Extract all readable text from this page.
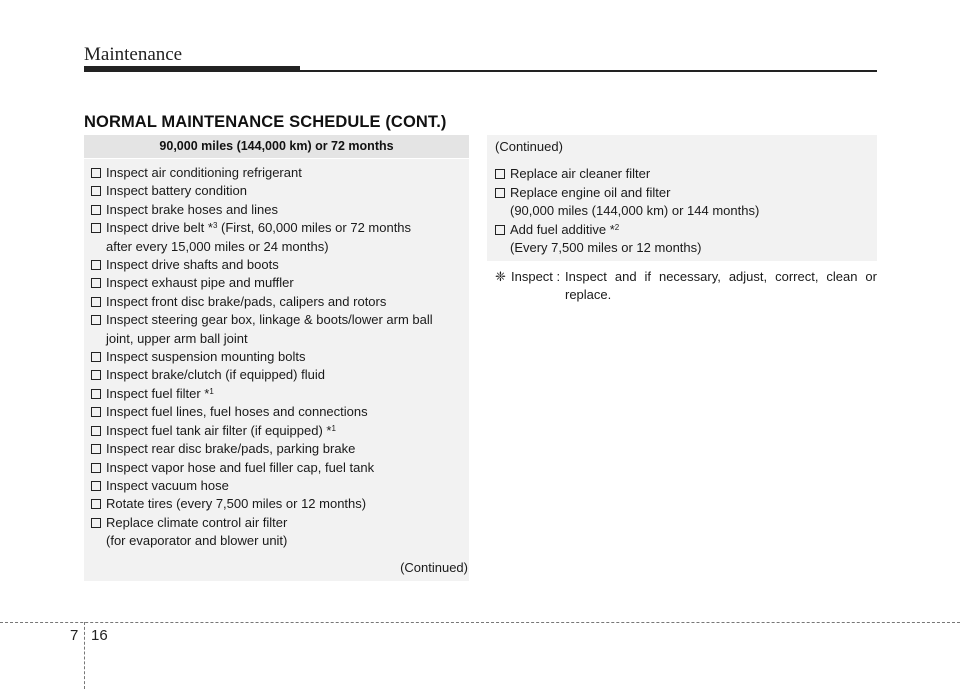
Maintenance
NORMAL MAINTENANCE SCHEDULE (CONT.)
90,000 miles (144,000 km) or 72 months
Inspect air conditioning refrigerant
Inspect battery condition
Inspect brake hoses and lines
Inspect drive belt *$^3$ (First, 60,000 miles or 72 months
after every 15,000 miles or 24 months)
Inspect drive shafts and boots
Inspect exhaust pipe and muffler
Inspect front disc brake/pads, calipers and rotors
Inspect steering gear box, linkage & boots/lower arm ball
joint, upper arm ball joint
Inspect suspension mounting bolts
Inspect brake/clutch (if equipped) fluid
Inspect fuel filter *$^1$
Inspect fuel lines, fuel hoses and connections
Inspect fuel tank air filter (if equipped) *$^1$
Inspect rear disc brake/pads, parking brake
Inspect vapor hose and fuel filler cap, fuel tank
Inspect vacuum hose
Rotate tires (every 7,500 miles or 12 months)
Replace climate control air filter
(for evaporator and blower unit)
(Continued)
(Continued)
Replace air cleaner filter
Replace engine oil and filter
(90,000 miles (144,000 km) or 144 months)
Add fuel additive *$^2$
(Every 7,500 miles or 12 months)
❈ Inspect : Inspect and if necessary, adjust, correct, clean or replace.
7 16
